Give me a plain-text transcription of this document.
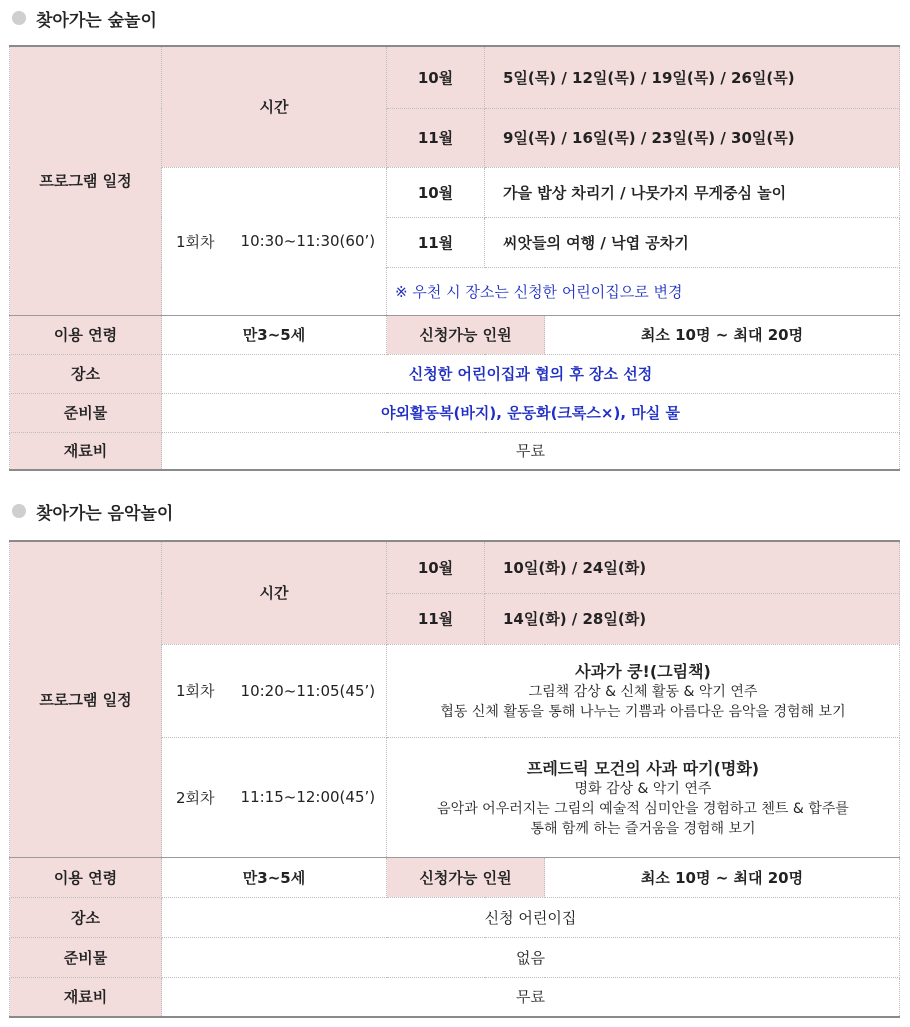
찾아가는 숲놀이
프로그램 일정	시간	10월	5일(목) / 12일(목) / 19일(목) / 26일(목)	
		11월	9일(목) / 16일(목) / 23일(목) / 30일(목)	

	1회차 10:30~11:30(60’)	10월	가을 밥상 차리기 / 나뭇가지 무게중심 놀이	
		11월	씨앗들의 여행 / 낙엽 공차기	
		※ 우천 시 장소는 신청한 어린이집으로 변경		
이용 연령	만3~5세	신청가능 인원		최소 10명 ~ 최대 20명
장소	신청한 어린이집과 협의 후 장소 선정			
준비물	야외활동복(바지), 운동화(크록스×), 마실 물			
재료비	무료			
찾아가는 음악놀이
프로그램 일정	시간	10월	10일(화) / 24일(화)	
		11월	14일(화) / 28일(화)	

	1회차 10:20~11:05(45’)	사과가 쿵!(그림책)
그림책 감상 & 신체 활동 & 악기 연주
협동 신체 활동을 통해 나누는 기쁨과 아름다운 음악을 경험해 보기		

	2회차 11:15~12:00(45’)	프레드릭 모건의 사과 따기(명화)
명화 감상 & 악기 연주
음악과 어우러지는 그림의 예술적 심미안을 경험하고 첸트 & 합주를
통해 함께 하는 즐거움을 경험해 보기		

이용 연령	만3~5세	신청가능 인원		최소 10명 ~ 최대 20명
장소	신청 어린이집			
준비물	없음			
재료비	무료			
